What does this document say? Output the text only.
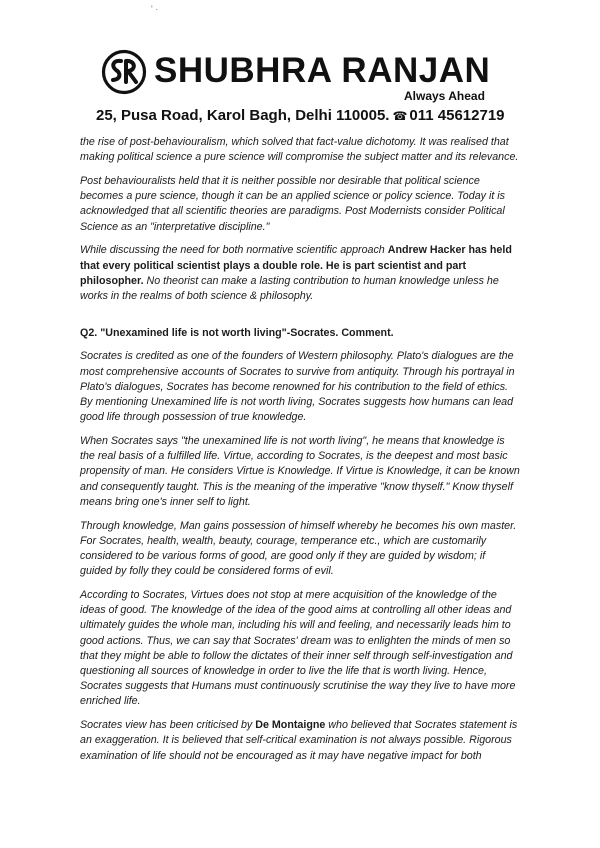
SHUBHRA RANJAN
Always Ahead
25, Pusa Road, Karol Bagh, Delhi 110005. ☎ 011 45612719
' ·

the rise of post-behaviouralism, which solved that fact-value dichotomy. It was realised that making political science a pure science will compromise the subject matter and its relevance.

Post behaviouralists held that it is neither possible nor desirable that political science becomes a pure science, though it can be an applied science or policy science. Today it is acknowledged that all scientific theories are paradigms. Post Modernists consider Political Science as an "interpretative discipline."

While discussing the need for both normative scientific approach Andrew Hacker has held that every political scientist plays a double role. He is part scientist and part philosopher. No theorist can make a lasting contribution to human knowledge unless he works in the realms of both science & philosophy.

Q2. "Unexamined life is not worth living"-Socrates. Comment.

Socrates is credited as one of the founders of Western philosophy. Plato's dialogues are the most comprehensive accounts of Socrates to survive from antiquity. Through his portrayal in Plato's dialogues, Socrates has become renowned for his contribution to the field of ethics. By mentioning Unexamined life is not worth living, Socrates suggests how humans can lead good life through possession of true knowledge.

When Socrates says "the unexamined life is not worth living", he means that knowledge is the real basis of a fulfilled life. Virtue, according to Socrates, is the deepest and most basic propensity of man. He considers Virtue is Knowledge. If Virtue is Knowledge, it can be known and consequently taught. This is the meaning of the imperative "know thyself." Know thyself means bring one's inner self to light.

Through knowledge, Man gains possession of himself whereby he becomes his own master. For Socrates, health, wealth, beauty, courage, temperance etc., which are customarily considered to be various forms of good, are good only if they are guided by wisdom; if guided by folly they could be considered forms of evil.

According to Socrates, Virtues does not stop at mere acquisition of the knowledge of the ideas of good. The knowledge of the idea of the good aims at controlling all other ideas and ultimately guides the whole man, including his will and feeling, and necessarily leads him to good actions. Thus, we can say that Socrates' dream was to enlighten the minds of men so that they might be able to follow the dictates of their inner self through self-investigation and questioning all sources of knowledge in order to live the life that is worth living. Hence, Socrates suggests that Humans must continuously scrutinise the way they live to have more enriched life.

Socrates view has been criticised by De Montaigne who believed that Socrates statement is an exaggeration. It is believed that self-critical examination is not always possible. Rigorous examination of life should not be encouraged as it may have negative impact for both
